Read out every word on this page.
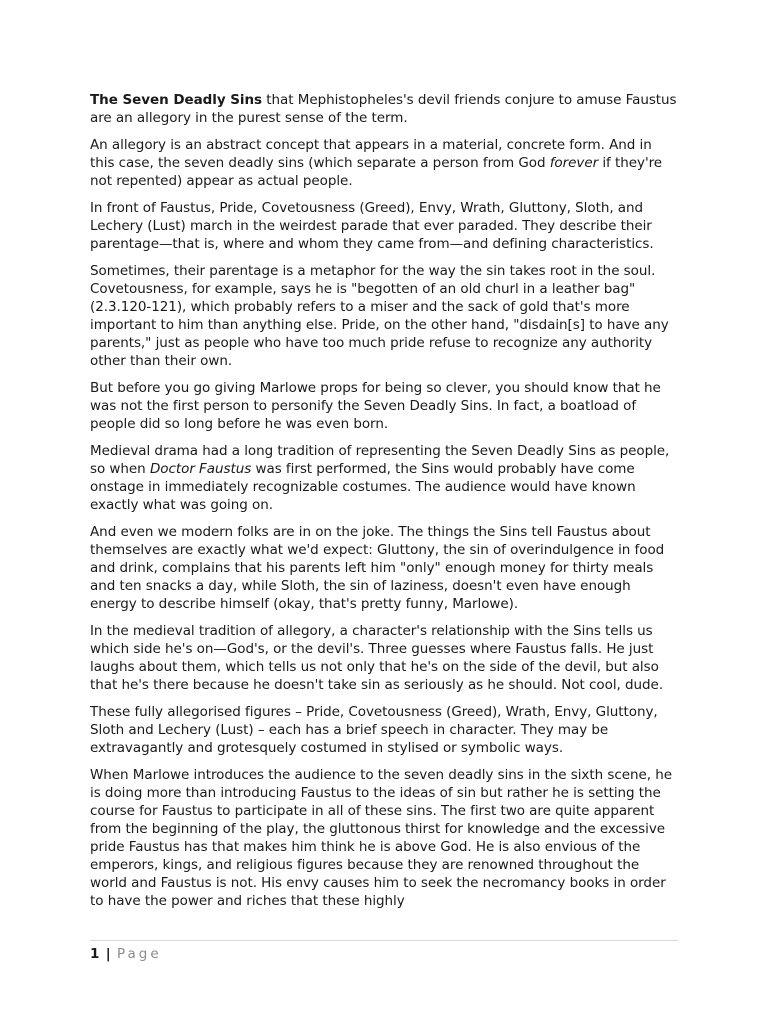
The Seven Deadly Sins that Mephistopheles's devil friends conjure to amuse Faustus are an allegory in the purest sense of the term.

An allegory is an abstract concept that appears in a material, concrete form. And in this case, the seven deadly sins (which separate a person from God forever if they're not repented) appear as actual people.

In front of Faustus, Pride, Covetousness (Greed), Envy, Wrath, Gluttony, Sloth, and Lechery (Lust) march in the weirdest parade that ever paraded. They describe their parentage—that is, where and whom they came from—and defining characteristics.

Sometimes, their parentage is a metaphor for the way the sin takes root in the soul. Covetousness, for example, says he is "begotten of an old churl in a leather bag" (2.3.120-121), which probably refers to a miser and the sack of gold that's more important to him than anything else. Pride, on the other hand, "disdain[s] to have any parents," just as people who have too much pride refuse to recognize any authority other than their own.

But before you go giving Marlowe props for being so clever, you should know that he was not the first person to personify the Seven Deadly Sins. In fact, a boatload of people did so long before he was even born.

Medieval drama had a long tradition of representing the Seven Deadly Sins as people, so when Doctor Faustus was first performed, the Sins would probably have come onstage in immediately recognizable costumes. The audience would have known exactly what was going on.

And even we modern folks are in on the joke. The things the Sins tell Faustus about themselves are exactly what we'd expect: Gluttony, the sin of overindulgence in food and drink, complains that his parents left him "only" enough money for thirty meals and ten snacks a day, while Sloth, the sin of laziness, doesn't even have enough energy to describe himself (okay, that's pretty funny, Marlowe).

In the medieval tradition of allegory, a character's relationship with the Sins tells us which side he's on—God's, or the devil's. Three guesses where Faustus falls. He just laughs about them, which tells us not only that he's on the side of the devil, but also that he's there because he doesn't take sin as seriously as he should. Not cool, dude.

These fully allegorised figures – Pride, Covetousness (Greed), Wrath, Envy, Gluttony, Sloth and Lechery (Lust) – each has a brief speech in character. They may be extravagantly and grotesquely costumed in stylised or symbolic ways.

When Marlowe introduces the audience to the seven deadly sins in the sixth scene, he is doing more than introducing Faustus to the ideas of sin but rather he is setting the course for Faustus to participate in all of these sins. The first two are quite apparent from the beginning of the play, the gluttonous thirst for knowledge and the excessive pride Faustus has that makes him think he is above God. He is also envious of the emperors, kings, and religious figures because they are renowned throughout the world and Faustus is not. His envy causes him to seek the necromancy books in order to have the power and riches that these highly

1 | Page
